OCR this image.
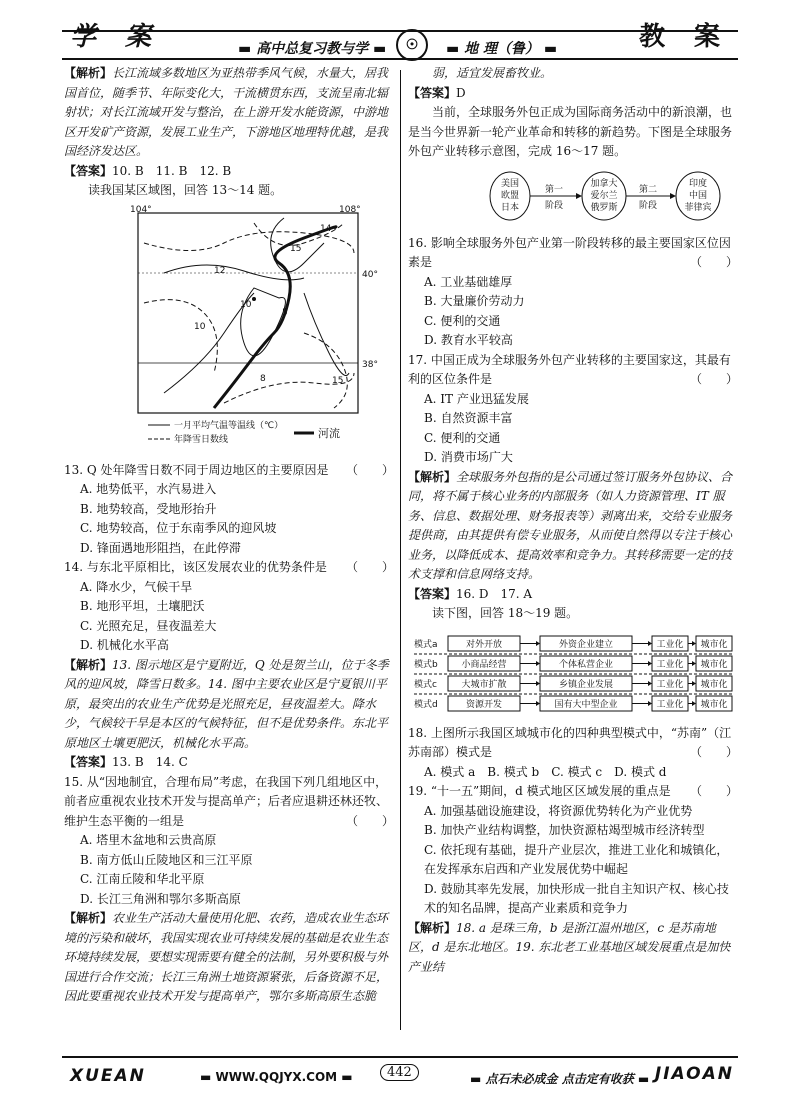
学 案	▬ 高中总复习教与学 ▬	☉	▬ 地 理（鲁） ▬	教 案

【解析】长江流域多数地区为亚热带季风气候，水量大，居我国首位，随季节、年际变化大，干流横贯东西，支流呈南北辐射状；对长江流域开发与整治，在上游开发水能资源，中游地区开发矿产资源，发展工业生产，下游地区地理特优越，是我国经济发达区。

【答案】10. B　11. B　12. B

读我国某区域图，回答 13～14 题。

104°	108°
40°
38°
14
15
12
10
5
10
8	15
一月平均气温等温线（℃）
年降雪日数线	河流

13. Q 处年降雪日数不同于周边地区的主要原因是 （　　）

A. 地势低平，水汽易进入

B. 地势较高，受地形抬升

C. 地势较高，位于东南季风的迎风坡

D. 锋面遇地形阻挡，在此停滞

14. 与东北平原相比，该区发展农业的优势条件是 （　　）

A. 降水少，气候干旱

B. 地形平坦，土壤肥沃

C. 光照充足，昼夜温差大

D. 机械化水平高

【解析】13. 图示地区是宁夏附近，Q 处是贺兰山，位于冬季风的迎风坡，降雪日数多。14. 图中主要农业区是宁夏银川平原，最突出的农业生产优势是光照充足，昼夜温差大。降水少，气候较干旱是本区的气候特征，但不是优势条件。东北平原地区土壤更肥沃，机械化水平高。

【答案】13. B　14. C

15. 从“因地制宜，合理布局”考虑，在我国下列几组地区中，前者应重视农业技术开发与提高单产；后者应退耕还林还牧、维护生态平衡的一组是	（　　）

A. 塔里木盆地和云贵高原

B. 南方低山丘陵地区和三江平原

C. 江南丘陵和华北平原

D. 长江三角洲和鄂尔多斯高原

【解析】农业生产活动大量使用化肥、农药，造成农业生态环境的污染和破坏，我国实现农业可持续发展的基础是农业生态环境持续发展，要想实现需要有健全的法制，另外要积极与外国进行合作交流；长江三角洲土地资源紧张，后备资源不足，因此要重视农业技术开发与提高单产，鄂尔多斯高原生态脆

弱，适宜发展畜牧业。

【答案】D

当前，全球服务外包正成为国际商务活动中的新浪潮，也是当今世界新一轮产业革命和转移的新趋势。下图是全球服务外包产业转移示意图，完成 16～17 题。

美国
欧盟
日本
第一
阶段
加拿大
爱尔兰
俄罗斯
第二
阶段
印度
中国
菲律宾

16. 影响全球服务外包产业第一阶段转移的最主要国家区位因素是	（　　）

A. 工业基础雄厚

B. 大量廉价劳动力

C. 便利的交通

D. 教育水平较高

17. 中国正成为全球服务外包产业转移的主要国家这，其最有利的区位条件是	（　　）

A. IT 产业迅猛发展

B. 自然资源丰富

C. 便利的交通

D. 消费市场广大

【解析】全球服务外包指的是公司通过签订服务外包协议、合同，将不属于核心业务的内部服务（如人力资源管理、IT 服务、信息、数据处理、财务报表等）剥离出来，交给专业服务提供商，由其提供有偿专业服务，从而使自然得以专注于核心业务，以降低成本、提高效率和竞争力。其转移需要一定的技术支撑和信息网络支持。

【答案】16. D　17. A

读下图，回答 18～19 题。

模式a	对外开放	外资企业建立	工业化 城市化
模式b	小商品经营	个体私营企业	工业化 城市化
模式c	大城市扩散	乡镇企业发展	工业化 城市化
模式d	资源开发	国有大中型企业	工业化 城市化

18. 上图所示我国区域城市化的四种典型模式中，“苏南”（江苏南部）模式是	（　　）

A. 模式 a　B. 模式 b　C. 模式 c　D. 模式 d

19. “十一五”期间，d 模式地区区域发展的重点是 （　　）

A. 加强基础设施建设，将资源优势转化为产业优势

B. 加快产业结构调整，加快资源枯竭型城市经济转型

C. 依托现有基础，提升产业层次，推进工业化和城镇化，在发挥承东启西和产业发展优势中崛起

D. 鼓励其率先发展，加快形成一批自主知识产权、核心技术的知名品牌，提高产业素质和竞争力

【解析】18. a 是珠三角，b 是浙江温州地区，c 是苏南地区，d 是东北地区。19. 东北老工业基地区域发展重点是加快产业结

XUEAN	▬ WWW.QQJYX.COM ▬	442	▬ 点石未必成金 点击定有收获 ▬ JIAOAN
